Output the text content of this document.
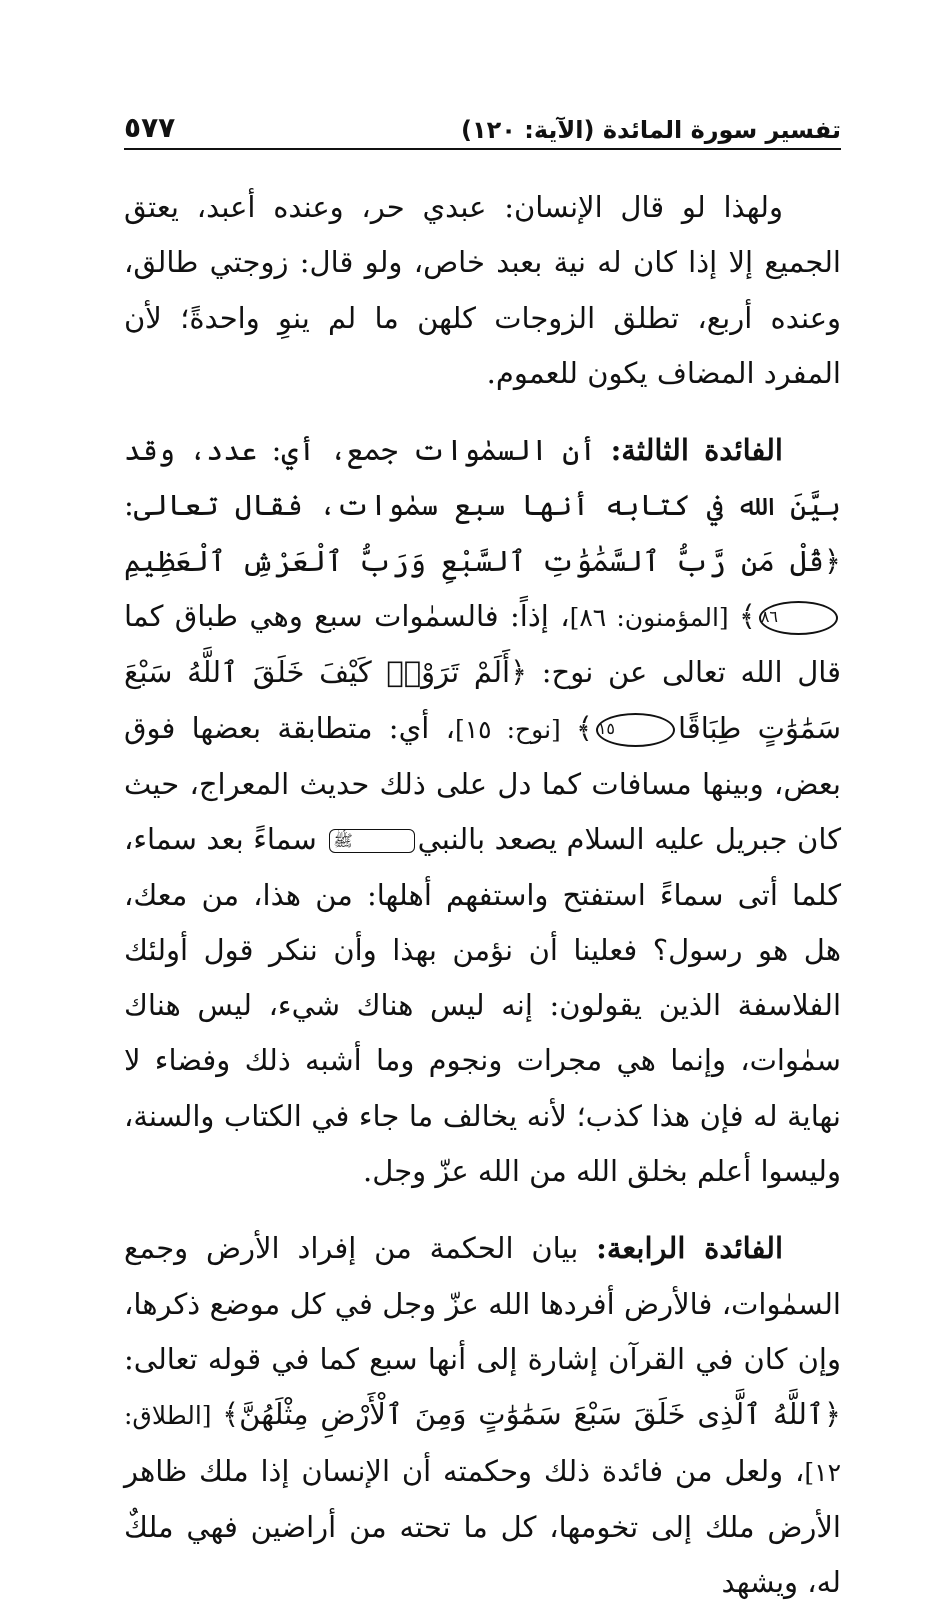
تفسير سورة المائدة (الآية: ١٢٠)
٥٧٧

ولهذا لو قال الإنسان: عبدي حر، وعنده أعبد، يعتق الجميع إلا إذا كان له نية بعبد خاص، ولو قال: زوجتي طالق، وعنده أربع، تطلق الزوجات كلهن ما لم ينوِ واحدةً؛ لأن المفرد المضاف يكون للعموم.

الفائدة الثالثة: أن السمٰوات جمع، أي: عدد، وقد بيَّنَ الله في كتابه أنها سبع سمٰوات، فقال تعالى: ﴿قُلْ مَن رَّبُّ ٱلسَّمَٰوَٰتِ ٱلسَّبْعِ وَرَبُّ ٱلْعَرْشِ ٱلْعَظِيمِ٨٦﴾ [المؤمنون: ٨٦]، إذاً: فالسمٰوات سبع وهي طباق كما قال الله تعالى عن نوح: ﴿أَلَمْ تَرَوْا۟ كَيْفَ خَلَقَ ٱللَّهُ سَبْعَ سَمَٰوَٰتٍ طِبَاقًا١٥﴾ [نوح: ١٥]، أي: متطابقة بعضها فوق بعض، وبينها مسافات كما دل على ذلك حديث المعراج، حيث كان جبريل عليه السلام يصعد بالنبيﷺ سماءً بعد سماء، كلما أتى سماءً استفتح واستفهم أهلها: من هذا، من معك، هل هو رسول؟ فعلينا أن نؤمن بهذا وأن ننكر قول أولئك الفلاسفة الذين يقولون: إنه ليس هناك شيء، ليس هناك سمٰوات، وإنما هي مجرات ونجوم وما أشبه ذلك وفضاء لا نهاية له فإن هذا كذب؛ لأنه يخالف ما جاء في الكتاب والسنة، وليسوا أعلم بخلق الله من الله عزّ وجل.

الفائدة الرابعة: بيان الحكمة من إفراد الأرض وجمع السمٰوات، فالأرض أفردها الله عزّ وجل في كل موضع ذكرها، وإن كان في القرآن إشارة إلى أنها سبع كما في قوله تعالى: ﴿ٱللَّهُ ٱلَّذِى خَلَقَ سَبْعَ سَمَٰوَٰتٍ وَمِنَ ٱلْأَرْضِ مِثْلَهُنَّ﴾ [الطلاق: ١٢]، ولعل من فائدة ذلك وحكمته أن الإنسان إذا ملك ظاهر الأرض ملك إلى تخومها، كل ما تحته من أراضين فهي ملكٌ له، ويشهد
